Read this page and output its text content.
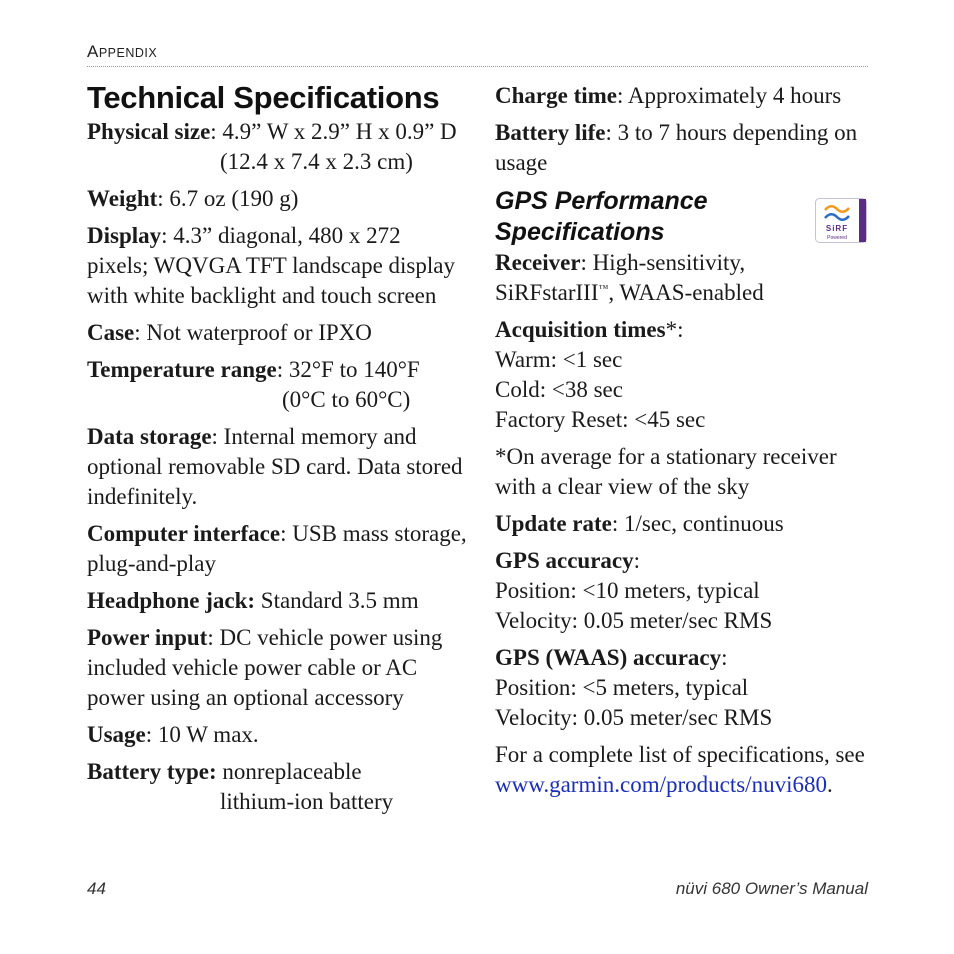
APPENDIX
Technical Specifications

Physical size: 4.9” W x 2.9” H x 0.9” D
(12.4 x 7.4 x 2.3 cm)

Weight: 6.7 oz (190 g)

Display: 4.3” diagonal, 480 x 272 pixels; WQVGA TFT landscape display with white backlight and touch screen

Case: Not waterproof or IPXO

Temperature range: 32°F to 140°F
(0°C to 60°C)

Data storage: Internal memory and optional removable SD card. Data stored indefinitely.

Computer interface: USB mass storage, plug-and-play

Headphone jack: Standard 3.5 mm

Power input: DC vehicle power using included vehicle power cable or AC power using an optional accessory

Usage: 10 W max.

Battery type: nonreplaceable
lithium-ion battery

Charge time: Approximately 4 hours

Battery life: 3 to 7 hours depending on usage

GPS Performance Specifications

Receiver: High-sensitivity,
SiRFstarIII™, WAAS-enabled

Acquisition times*:
Warm: <1 sec
Cold: <38 sec
Factory Reset: <45 sec

*On average for a stationary receiver with a clear view of the sky

Update rate: 1/sec, continuous

GPS accuracy:
Position: <10 meters, typical
Velocity: 0.05 meter/sec RMS

GPS (WAAS) accuracy:
Position: <5 meters, typical
Velocity: 0.05 meter/sec RMS

For a complete list of specifications, see
www.garmin.com/products/nuvi680.

SiRF
Powered
44	nüvi 680 Owner’s Manual
